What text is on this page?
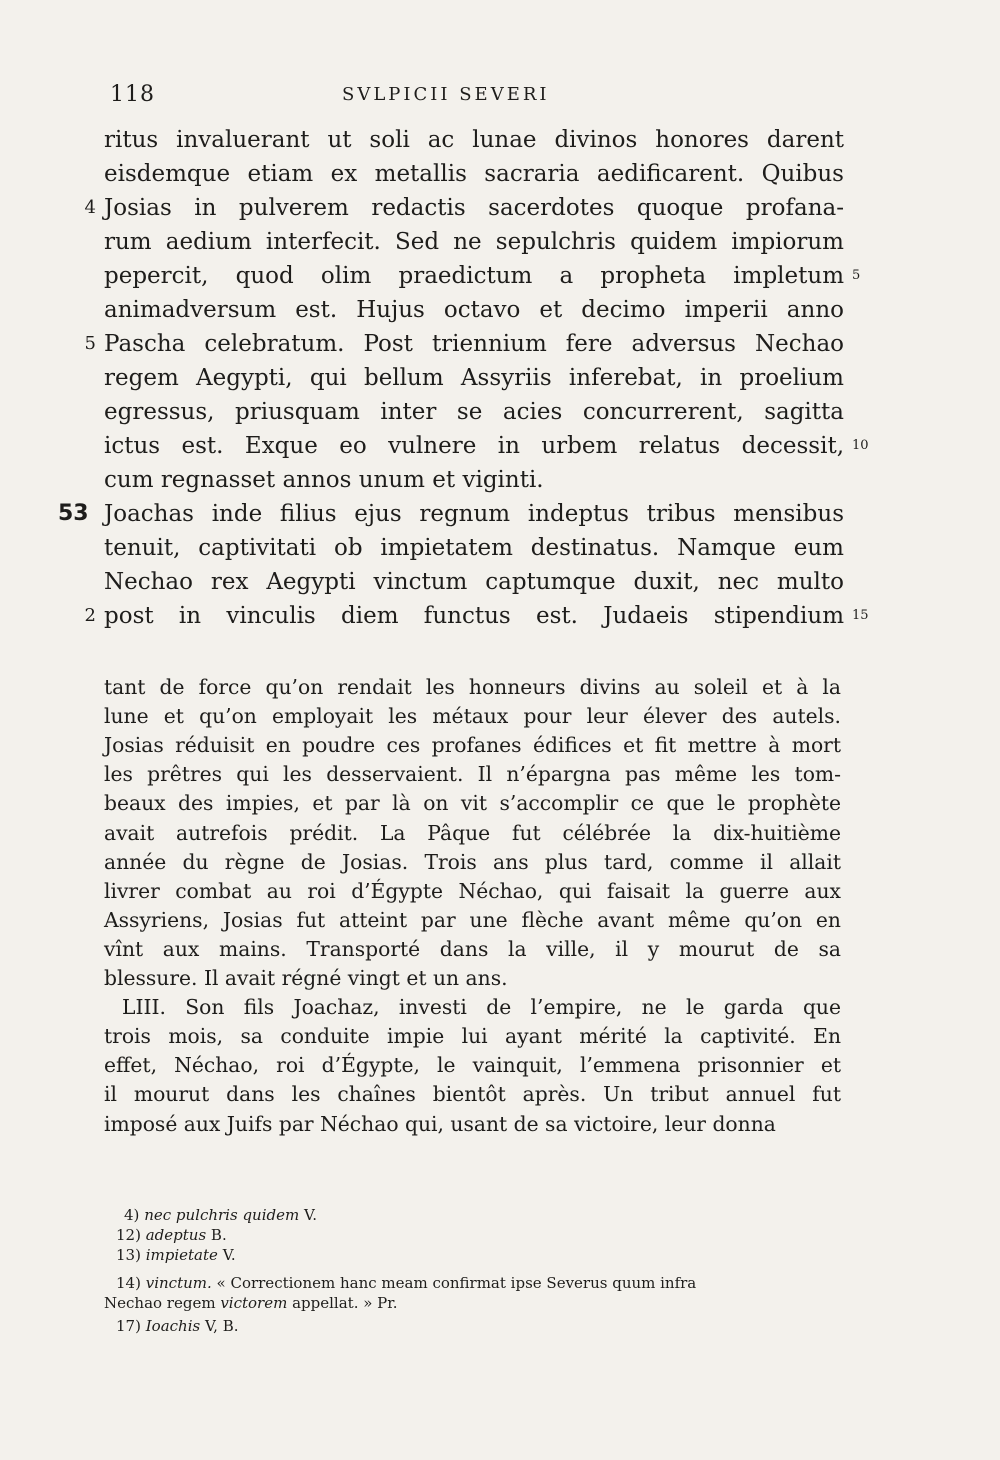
118	SVLPICII SEVERI
ritus invaluerant ut soli ac lunae divinos honores darent
eisdemque etiam ex metallis sacraria aedificarent. Quibus
4 Josias in pulverem redactis sacerdotes quoque profana-
rum aedium interfecit. Sed ne sepulchris quidem impiorum
pepercit, quod olim praedictum a propheta impletum 5
animadversum est. Hujus octavo et decimo imperii anno
5 Pascha celebratum. Post triennium fere adversus Nechao
regem Aegypti, qui bellum Assyriis inferebat, in proelium
egressus, priusquam inter se acies concurrerent, sagitta
ictus est. Exque eo vulnere in urbem relatus decessit, 10
cum regnasset annos unum et viginti.
53 Joachas inde filius ejus regnum indeptus tribus mensibus
tenuit, captivitati ob impietatem destinatus. Namque eum
Nechao rex Aegypti vinctum captumque duxit, nec multo
2 post in vinculis diem functus est. Judaeis stipendium 15
tant de force qu’on rendait les honneurs divins au soleil et à la
lune et qu’on employait les métaux pour leur élever des autels.
Josias réduisit en poudre ces profanes édifices et fit mettre à mort
les prêtres qui les desservaient. Il n’épargna pas même les tom-
beaux des impies, et par là on vit s’accomplir ce que le prophète
avait autrefois prédit. La Pâque fut célébrée la dix-huitième
année du règne de Josias. Trois ans plus tard, comme il allait
livrer combat au roi d’Égypte Néchao, qui faisait la guerre aux
Assyriens, Josias fut atteint par une flèche avant même qu’on en
vînt aux mains. Transporté dans la ville, il y mourut de sa
blessure. Il avait régné vingt et un ans.
LIII. Son fils Joachaz, investi de l’empire, ne le garda que
trois mois, sa conduite impie lui ayant mérité la captivité. En
effet, Néchao, roi d’Égypte, le vainquit, l’emmena prisonnier et
il mourut dans les chaînes bientôt après. Un tribut annuel fut
imposé aux Juifs par Néchao qui, usant de sa victoire, leur donna
4) nec pulchris quidem V.
12) adeptus B.
13) impietate V.
14) vinctum. « Correctionem hanc meam confirmat ipse Severus quum infra
Nechao regem victorem appellat. » Pr.
17) Ioachis V, B.
